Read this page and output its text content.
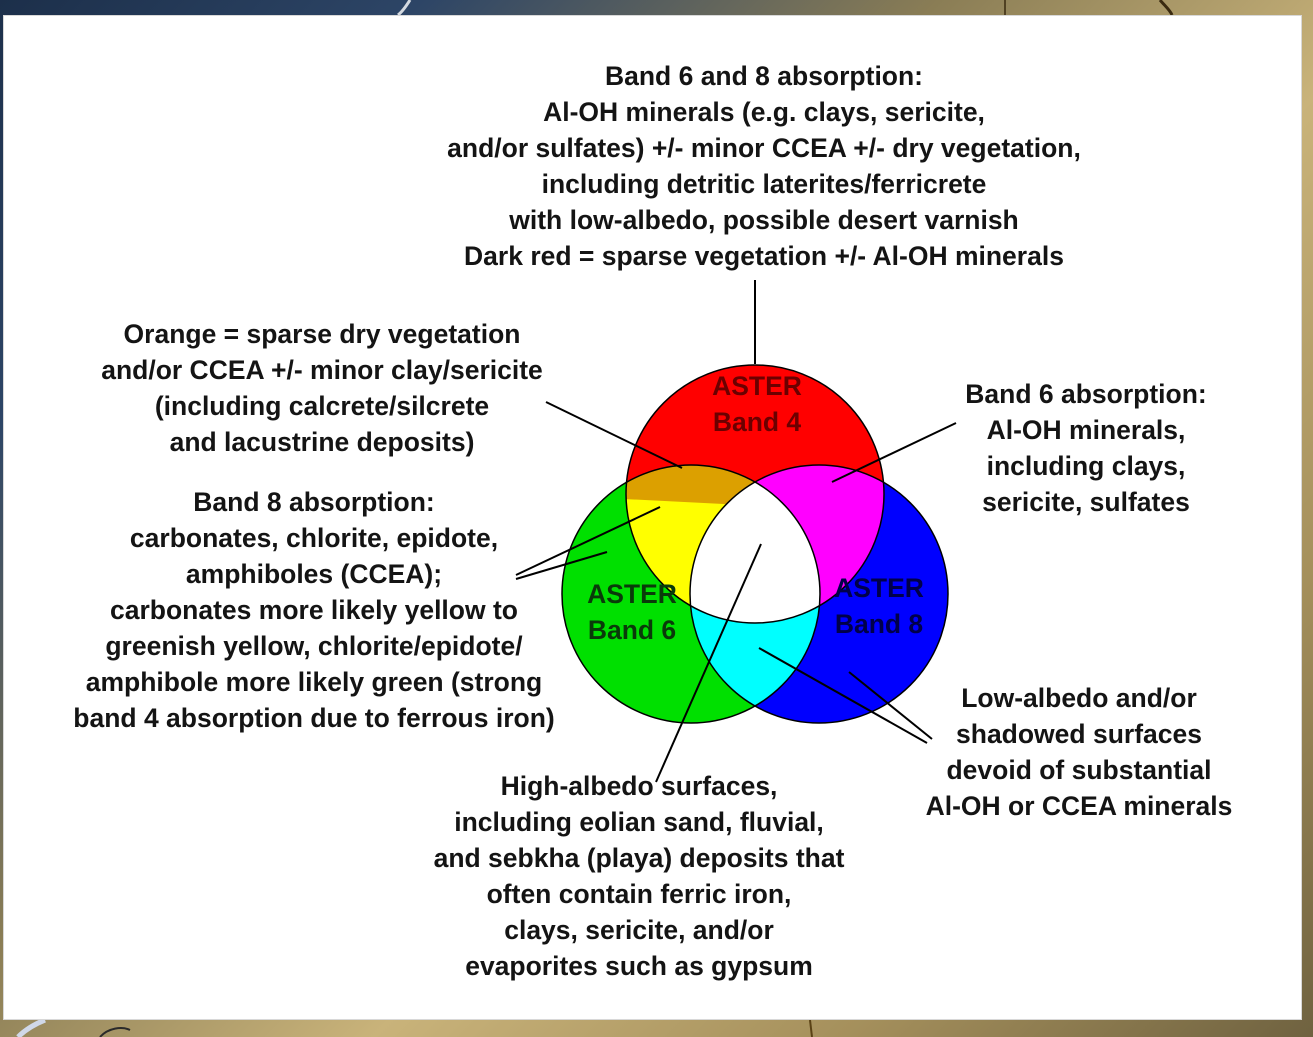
Band 6 and 8 absorption:
Al-OH minerals (e.g. clays, sericite,
and/or sulfates) +/- minor CCEA +/- dry vegetation,
including detritic laterites/ferricrete
with low-albedo, possible desert varnish
Dark red = sparse vegetation +/- Al-OH minerals

Orange = sparse dry vegetation
and/or CCEA +/- minor clay/sericite
(including calcrete/silcrete
and lacustrine deposits)

Band 8 absorption:
carbonates, chlorite, epidote,
amphiboles (CCEA);
carbonates more likely yellow to
greenish yellow, chlorite/epidote/
amphibole more likely green (strong
band 4 absorption due to ferrous iron)

Band 6 absorption:
Al-OH minerals,
including clays,
sericite, sulfates

Low-albedo and/or
shadowed surfaces
devoid of substantial
Al-OH or CCEA minerals

High-albedo surfaces,
including eolian sand, fluvial,
and sebkha (playa) deposits that
often contain ferric iron,
clays, sericite, and/or
evaporites such as gypsum

ASTER
Band 4

ASTER
Band 6

ASTER
Band 8
